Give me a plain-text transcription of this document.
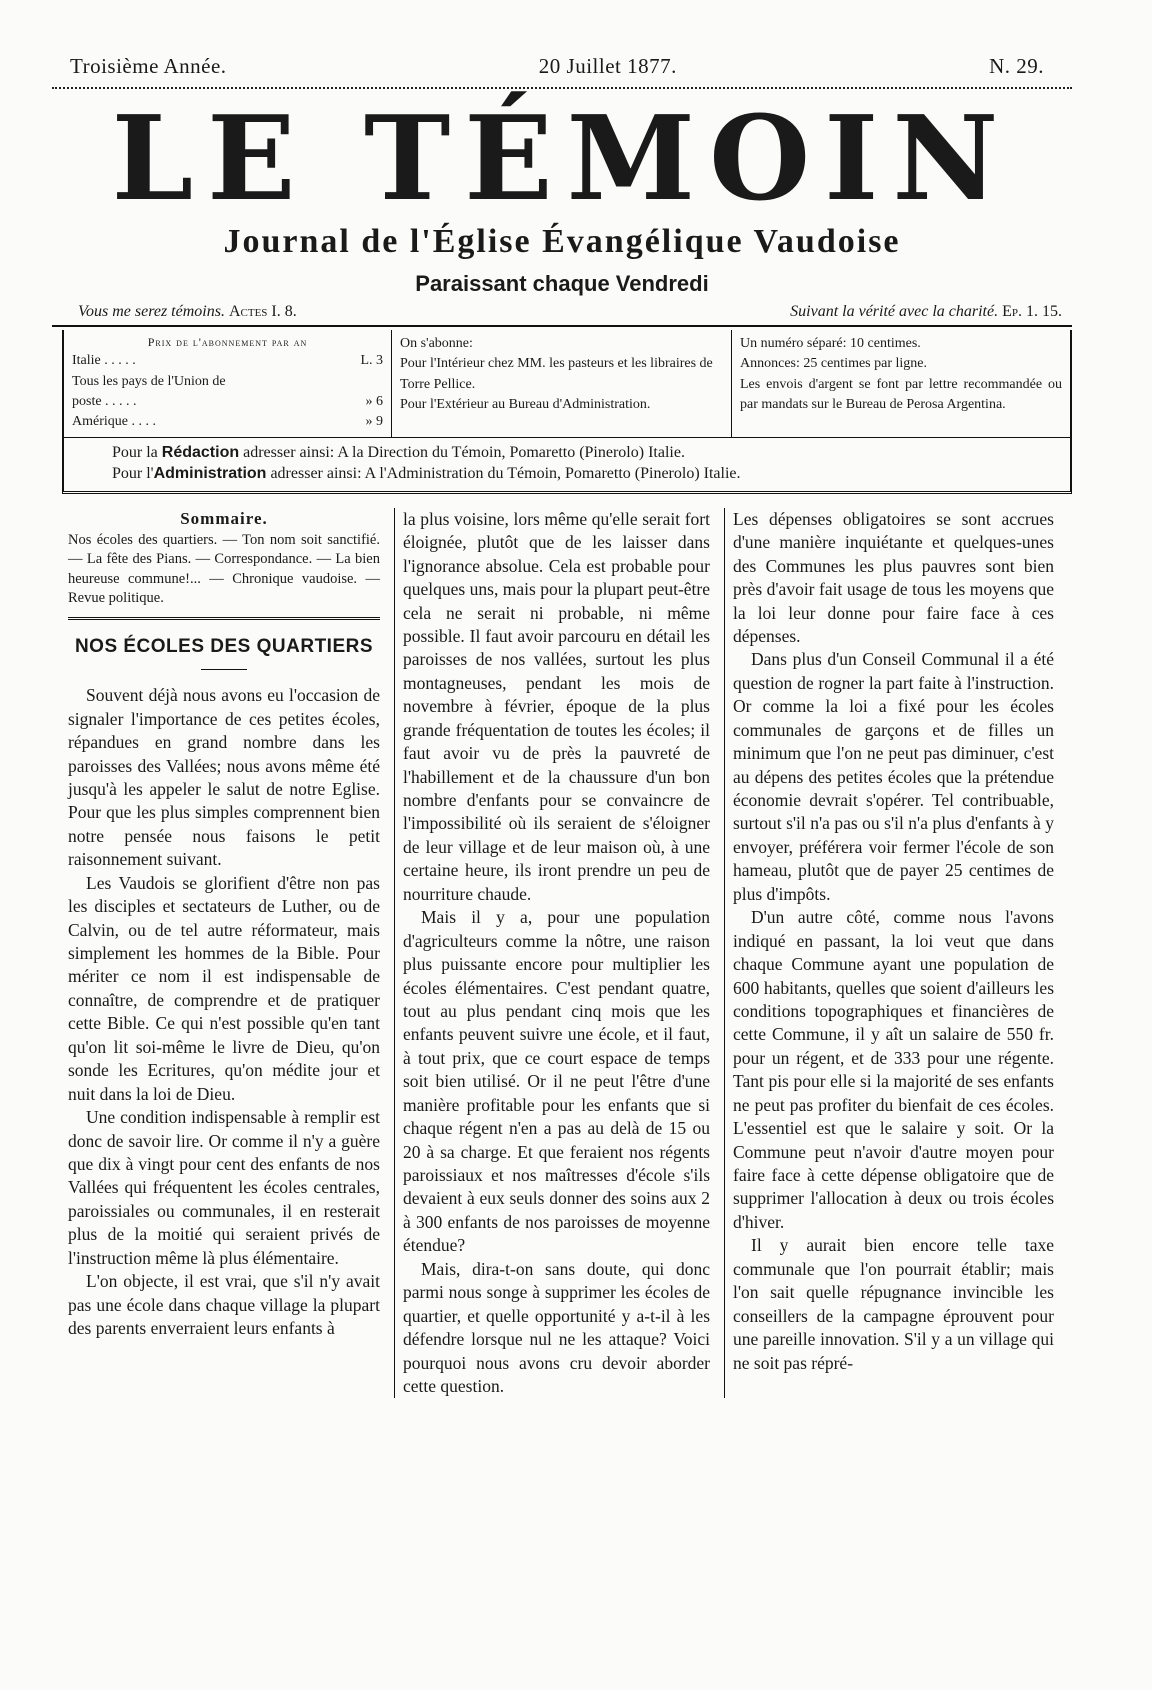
Troisième Année.	20 Juillet 1877.	N. 29.
LE TÉMOIN
Journal de l'Église Évangélique Vaudoise
Paraissant chaque Vendredi
Vous me serez témoins. Actes I. 8.	Suivant la vérité avec la charité. Ep. 1. 15.
Prix de l'abonnement par an
Italie . . . . .	L. 3
Tous les pays de l'Union de
poste . . . . .	» 6
Amérique . . . .	» 9
On s'abonne:
Pour l'Intérieur chez MM. les pasteurs et les libraires de Torre Pellice.
Pour l'Extérieur au Bureau d'Administration.
Un numéro séparé: 10 centimes.
Annonces: 25 centimes par ligne.
Les envois d'argent se font par lettre recommandée ou par mandats sur le Bureau de Perosa Argentina.
Pour la Rédaction adresser ainsi: A la Direction du Témoin, Pomaretto (Pinerolo) Italie.
Pour l'Administration adresser ainsi: A l'Administration du Témoin, Pomaretto (Pinerolo) Italie.
Sommaire.

Nos écoles des quartiers. — Ton nom soit sanctifié. — La fête des Pians. — Correspondance. — La bien heureuse commune!... — Chronique vaudoise. — Revue politique.

NOS ÉCOLES DES QUARTIERS

Souvent déjà nous avons eu l'occasion de signaler l'importance de ces petites écoles, répandues en grand nombre dans les paroisses des Vallées; nous avons même été jusqu'à les appeler le salut de notre Eglise. Pour que les plus simples comprennent bien notre pensée nous faisons le petit raisonnement suivant.

Les Vaudois se glorifient d'être non pas les disciples et sectateurs de Luther, ou de Calvin, ou de tel autre réformateur, mais simplement les hommes de la Bible. Pour mériter ce nom il est indispensable de connaître, de comprendre et de pratiquer cette Bible. Ce qui n'est possible qu'en tant qu'on lit soi-même le livre de Dieu, qu'on sonde les Ecritures, qu'on médite jour et nuit dans la loi de Dieu.

Une condition indispensable à remplir est donc de savoir lire. Or comme il n'y a guère que dix à vingt pour cent des enfants de nos Vallées qui fréquentent les écoles centrales, paroissiales ou communales, il en resterait plus de la moitié qui seraient privés de l'instruction même là plus élémentaire.

L'on objecte, il est vrai, que s'il n'y avait pas une école dans chaque village la plupart des parents enverraient leurs enfants à

la plus voisine, lors même qu'elle serait fort éloignée, plutôt que de les laisser dans l'ignorance absolue. Cela est probable pour quelques uns, mais pour la plupart peut-être cela ne serait ni probable, ni même possible. Il faut avoir parcouru en détail les paroisses de nos vallées, surtout les plus montagneuses, pendant les mois de novembre à février, époque de la plus grande fréquentation de toutes les écoles; il faut avoir vu de près la pauvreté de l'habillement et de la chaussure d'un bon nombre d'enfants pour se convaincre de l'impossibilité où ils seraient de s'éloigner de leur village et de leur maison où, à une certaine heure, ils iront prendre un peu de nourriture chaude.

Mais il y a, pour une population d'agriculteurs comme la nôtre, une raison plus puissante encore pour multiplier les écoles élémentaires. C'est pendant quatre, tout au plus pendant cinq mois que les enfants peuvent suivre une école, et il faut, à tout prix, que ce court espace de temps soit bien utilisé. Or il ne peut l'être d'une manière profitable pour les enfants que si chaque régent n'en a pas au delà de 15 ou 20 à sa charge. Et que feraient nos régents paroissiaux et nos maîtresses d'école s'ils devaient à eux seuls donner des soins aux 2 à 300 enfants de nos paroisses de moyenne étendue?

Mais, dira-t-on sans doute, qui donc parmi nous songe à supprimer les écoles de quartier, et quelle opportunité y a-t-il à les défendre lorsque nul ne les attaque? Voici pourquoi nous avons cru devoir aborder cette question.

Les dépenses obligatoires se sont accrues d'une manière inquiétante et quelques-unes des Communes les plus pauvres sont bien près d'avoir fait usage de tous les moyens que la loi leur donne pour faire face à ces dépenses.

Dans plus d'un Conseil Communal il a été question de rogner la part faite à l'instruction. Or comme la loi a fixé pour les écoles communales de garçons et de filles un minimum que l'on ne peut pas diminuer, c'est au dépens des petites écoles que la prétendue économie devrait s'opérer. Tel contribuable, surtout s'il n'a pas ou s'il n'a plus d'enfants à y envoyer, préférera voir fermer l'école de son hameau, plutôt que de payer 25 centimes de plus d'impôts.

D'un autre côté, comme nous l'avons indiqué en passant, la loi veut que dans chaque Commune ayant une population de 600 habitants, quelles que soient d'ailleurs les conditions topographiques et financières de cette Commune, il y aît un salaire de 550 fr. pour un régent, et de 333 pour une régente. Tant pis pour elle si la majorité de ses enfants ne peut pas profiter du bienfait de ces écoles. L'essentiel est que le salaire y soit. Or la Commune peut n'avoir d'autre moyen pour faire face à cette dépense obligatoire que de supprimer l'allocation à deux ou trois écoles d'hiver.

Il y aurait bien encore telle taxe communale que l'on pourrait établir; mais l'on sait quelle répugnance invincible les conseillers de la campagne éprouvent pour une pareille innovation. S'il y a un village qui ne soit pas répré-
